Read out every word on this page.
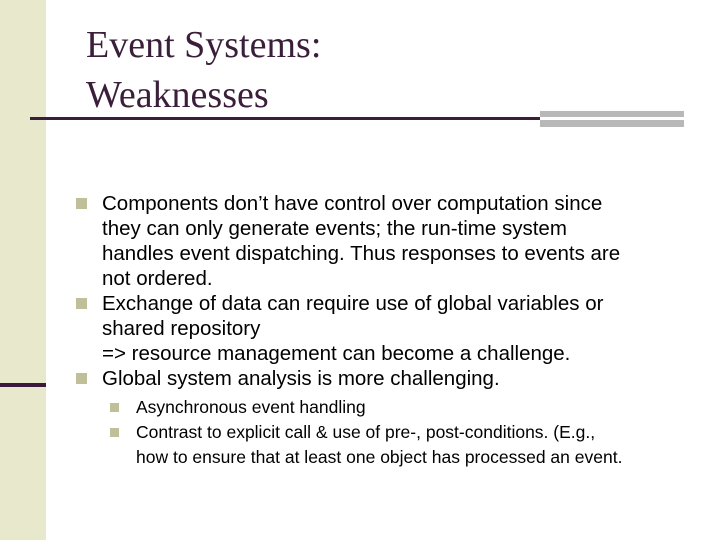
Event Systems:
Weaknesses
Components don’t have control over computation since
they can only generate events; the run-time system
handles event dispatching. Thus responses to events are
not ordered.
Exchange of data can require use of global variables or
shared repository
=> resource management can become a challenge.
Global system analysis is more challenging.
Asynchronous event handling
Contrast to explicit call & use of pre-, post-conditions. (E.g.,
how to ensure that at least one object has processed an event.
